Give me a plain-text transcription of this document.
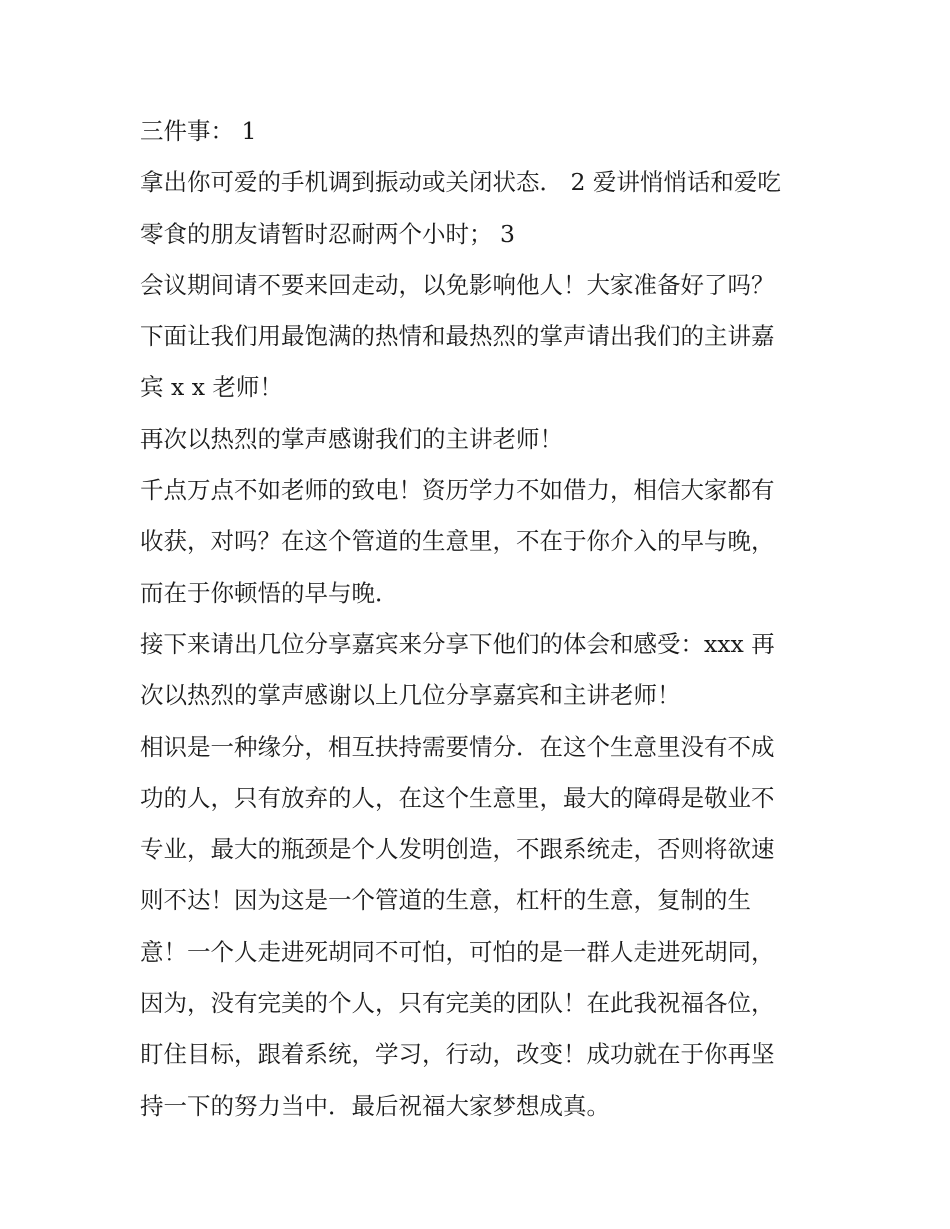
三件事： 1
拿出你可爱的手机调到振动或关闭状态． 2 爱讲悄悄话和爱吃
零食的朋友请暂时忍耐两个小时； 3
会议期间请不要来回走动，以免影响他人！大家准备好了吗？
下面让我们用最饱满的热情和最热烈的掌声请出我们的主讲嘉
宾 x x 老师！
再次以热烈的掌声感谢我们的主讲老师！
千点万点不如老师的致电！资历学力不如借力，相信大家都有
收获，对吗？在这个管道的生意里，不在于你介入的早与晚，
而在于你顿悟的早与晚．
接下来请出几位分享嘉宾来分享下他们的体会和感受：xxx 再
次以热烈的掌声感谢以上几位分享嘉宾和主讲老师！
相识是一种缘分，相互扶持需要情分．在这个生意里没有不成
功的人，只有放弃的人，在这个生意里，最大的障碍是敬业不
专业，最大的瓶颈是个人发明创造，不跟系统走，否则将欲速
则不达！因为这是一个管道的生意，杠杆的生意，复制的生
意！一个人走进死胡同不可怕，可怕的是一群人走进死胡同，
因为，没有完美的个人，只有完美的团队！在此我祝福各位，
盯住目标，跟着系统，学习，行动，改变！成功就在于你再坚
持一下的努力当中．最后祝福大家梦想成真。
